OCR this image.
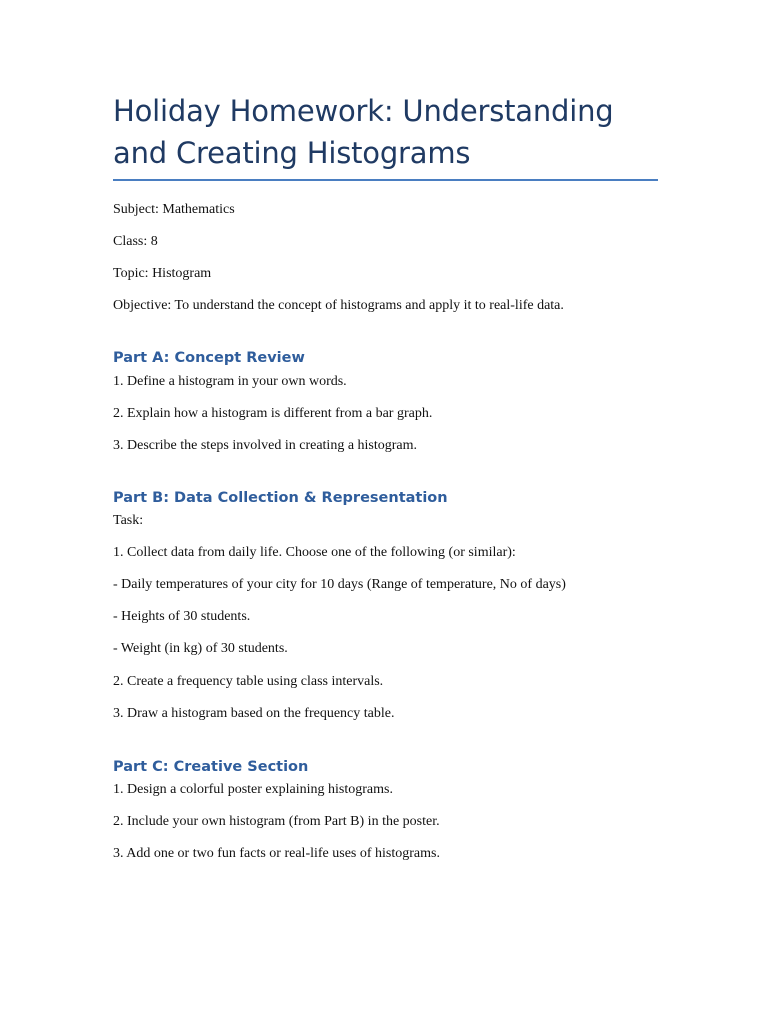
Holiday Homework: Understanding and Creating Histograms

Subject: Mathematics

Class: 8

Topic: Histogram

Objective: To understand the concept of histograms and apply it to real-life data.

Part A: Concept Review

1. Define a histogram in your own words.

2. Explain how a histogram is different from a bar graph.

3. Describe the steps involved in creating a histogram.

Part B: Data Collection & Representation

Task:

1. Collect data from daily life. Choose one of the following (or similar):

- Daily temperatures of your city for 10 days (Range of temperature, No of days)

- Heights of 30 students.

- Weight (in kg) of 30 students.

2. Create a frequency table using class intervals.

3. Draw a histogram based on the frequency table.

Part C: Creative Section

1. Design a colorful poster explaining histograms.

2. Include your own histogram (from Part B) in the poster.

3. Add one or two fun facts or real-life uses of histograms.
